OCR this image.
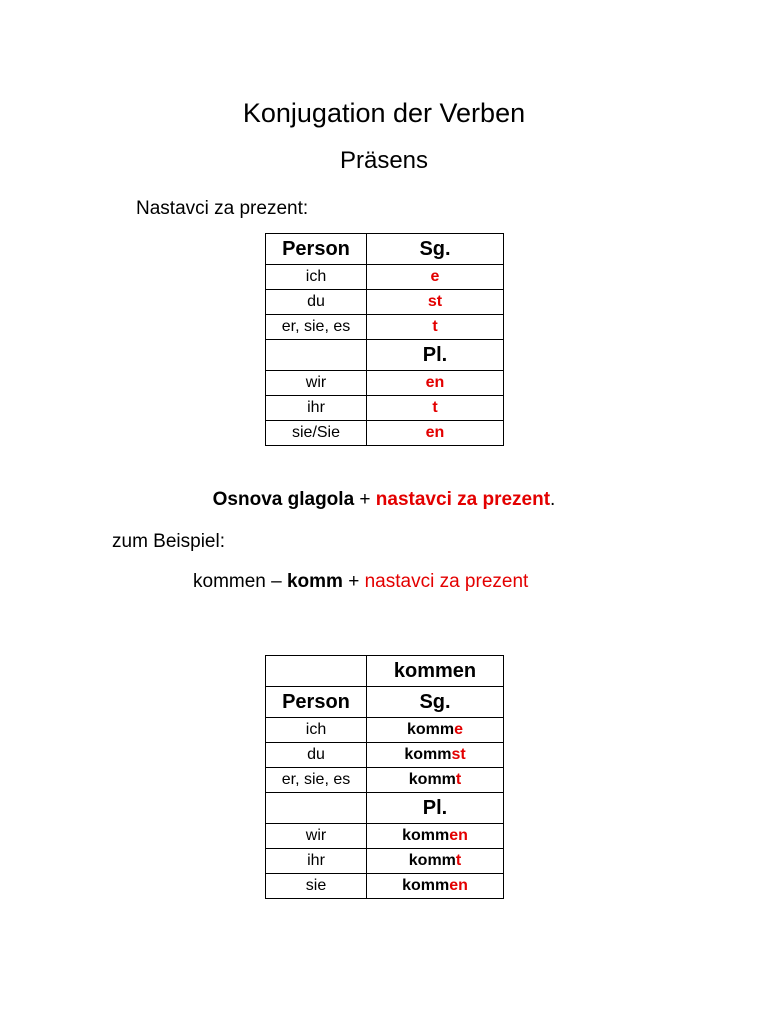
Konjugation der Verben
Präsens
Nastavci za prezent:
Person	Sg.
ich	e
du	st
er, sie, es	t
	Pl.
wir	en
ihr	t
sie/Sie	en
Osnova glagola + nastavci za prezent.
zum Beispiel:
kommen – komm + nastavci za prezent
	kommen
Person	Sg.
ich	komme
du	kommst
er, sie, es	kommt
	Pl.
wir	kommen
ihr	kommt
sie	kommen
